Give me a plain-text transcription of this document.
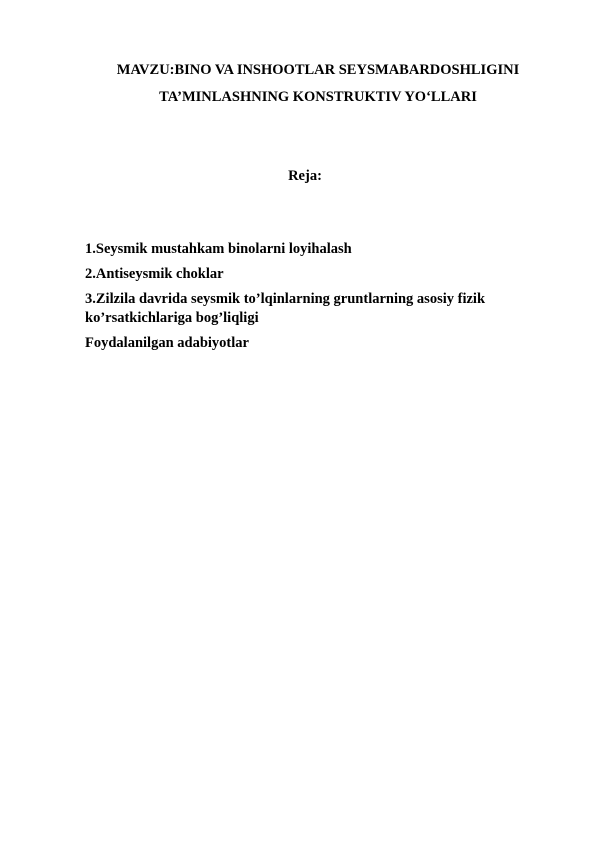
MAVZU:BINO VA INSHOOTLAR SEYSMABARDOSHLIGINI
TA’MINLASHNING KONSTRUKTIV YO‘LLARI
Reja:
1.Seysmik mustahkam binolarni loyihalash
2.Antiseysmik choklar
3.Zilzila davrida seysmik to’lqinlarning gruntlarning asosiy fizik ko’rsatkichlariga bog’liqligi
Foydalanilgan adabiyotlar
